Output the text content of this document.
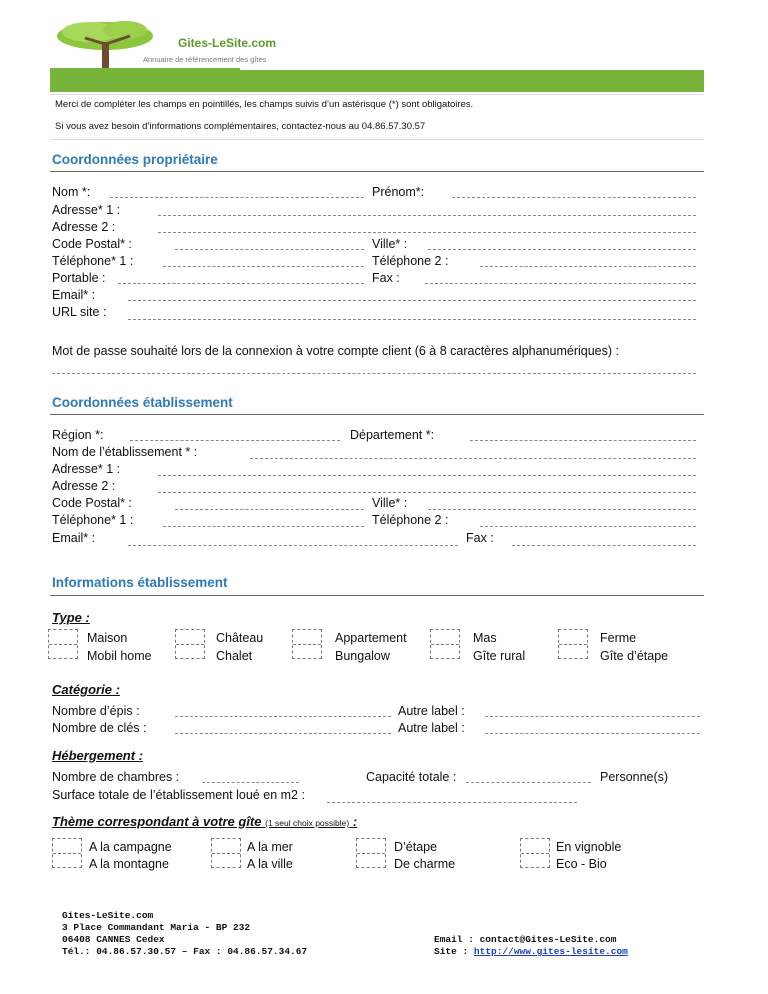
Gites-LeSite.com
Annuaire de référencement des gîtes
Merci de compléter les champs en pointillés, les champs suivis d’un astérisque (*) sont obligatoires.
Si vous avez besoin d’informations complémentaires, contactez-nous au 04.86.57.30.57
Coordonnées propriétaire
Nom *:	Prénom*:
Adresse* 1 :
Adresse 2 :
Code Postal* :	Ville* :
Téléphone* 1 :	Téléphone 2 :
Portable :	Fax :
Email* :
URL site :
Mot de passe souhaité lors de la connexion à votre compte client (6 à 8 caractères alphanumériques) :
Coordonnées établissement
Région *:	Département *:
Nom de l’établissement * :
Adresse* 1 :
Adresse 2 :
Code Postal* :	Ville* :
Téléphone* 1 :	Téléphone 2 :
Email* :	Fax :
Informations établissement
Type :
Maison
Mobil home
Château
Chalet
Appartement
Bungalow
Mas
Gîte rural
Ferme
Gîte d’étape
Catégorie :
Nombre d’épis :	Autre label :
Nombre de clés :	Autre label :
Hébergement :
Nombre de chambres :	Capacité totale :	Personne(s)
Surface totale de l’établissement loué en m2 :
Thème correspondant à votre gîte (1 seul choix possible) :
A la campagne
A la montagne
A la mer
A la ville
D’étape
De charme
En vignoble
Eco - Bio
Gites-LeSite.com
3 Place Commandant Maria - BP 232
06408 CANNES Cedex
Tél.: 04.86.57.30.57 – Fax : 04.86.57.34.67
Email : contact@Gites-LeSite.com
Site : http://www.gites-lesite.com
